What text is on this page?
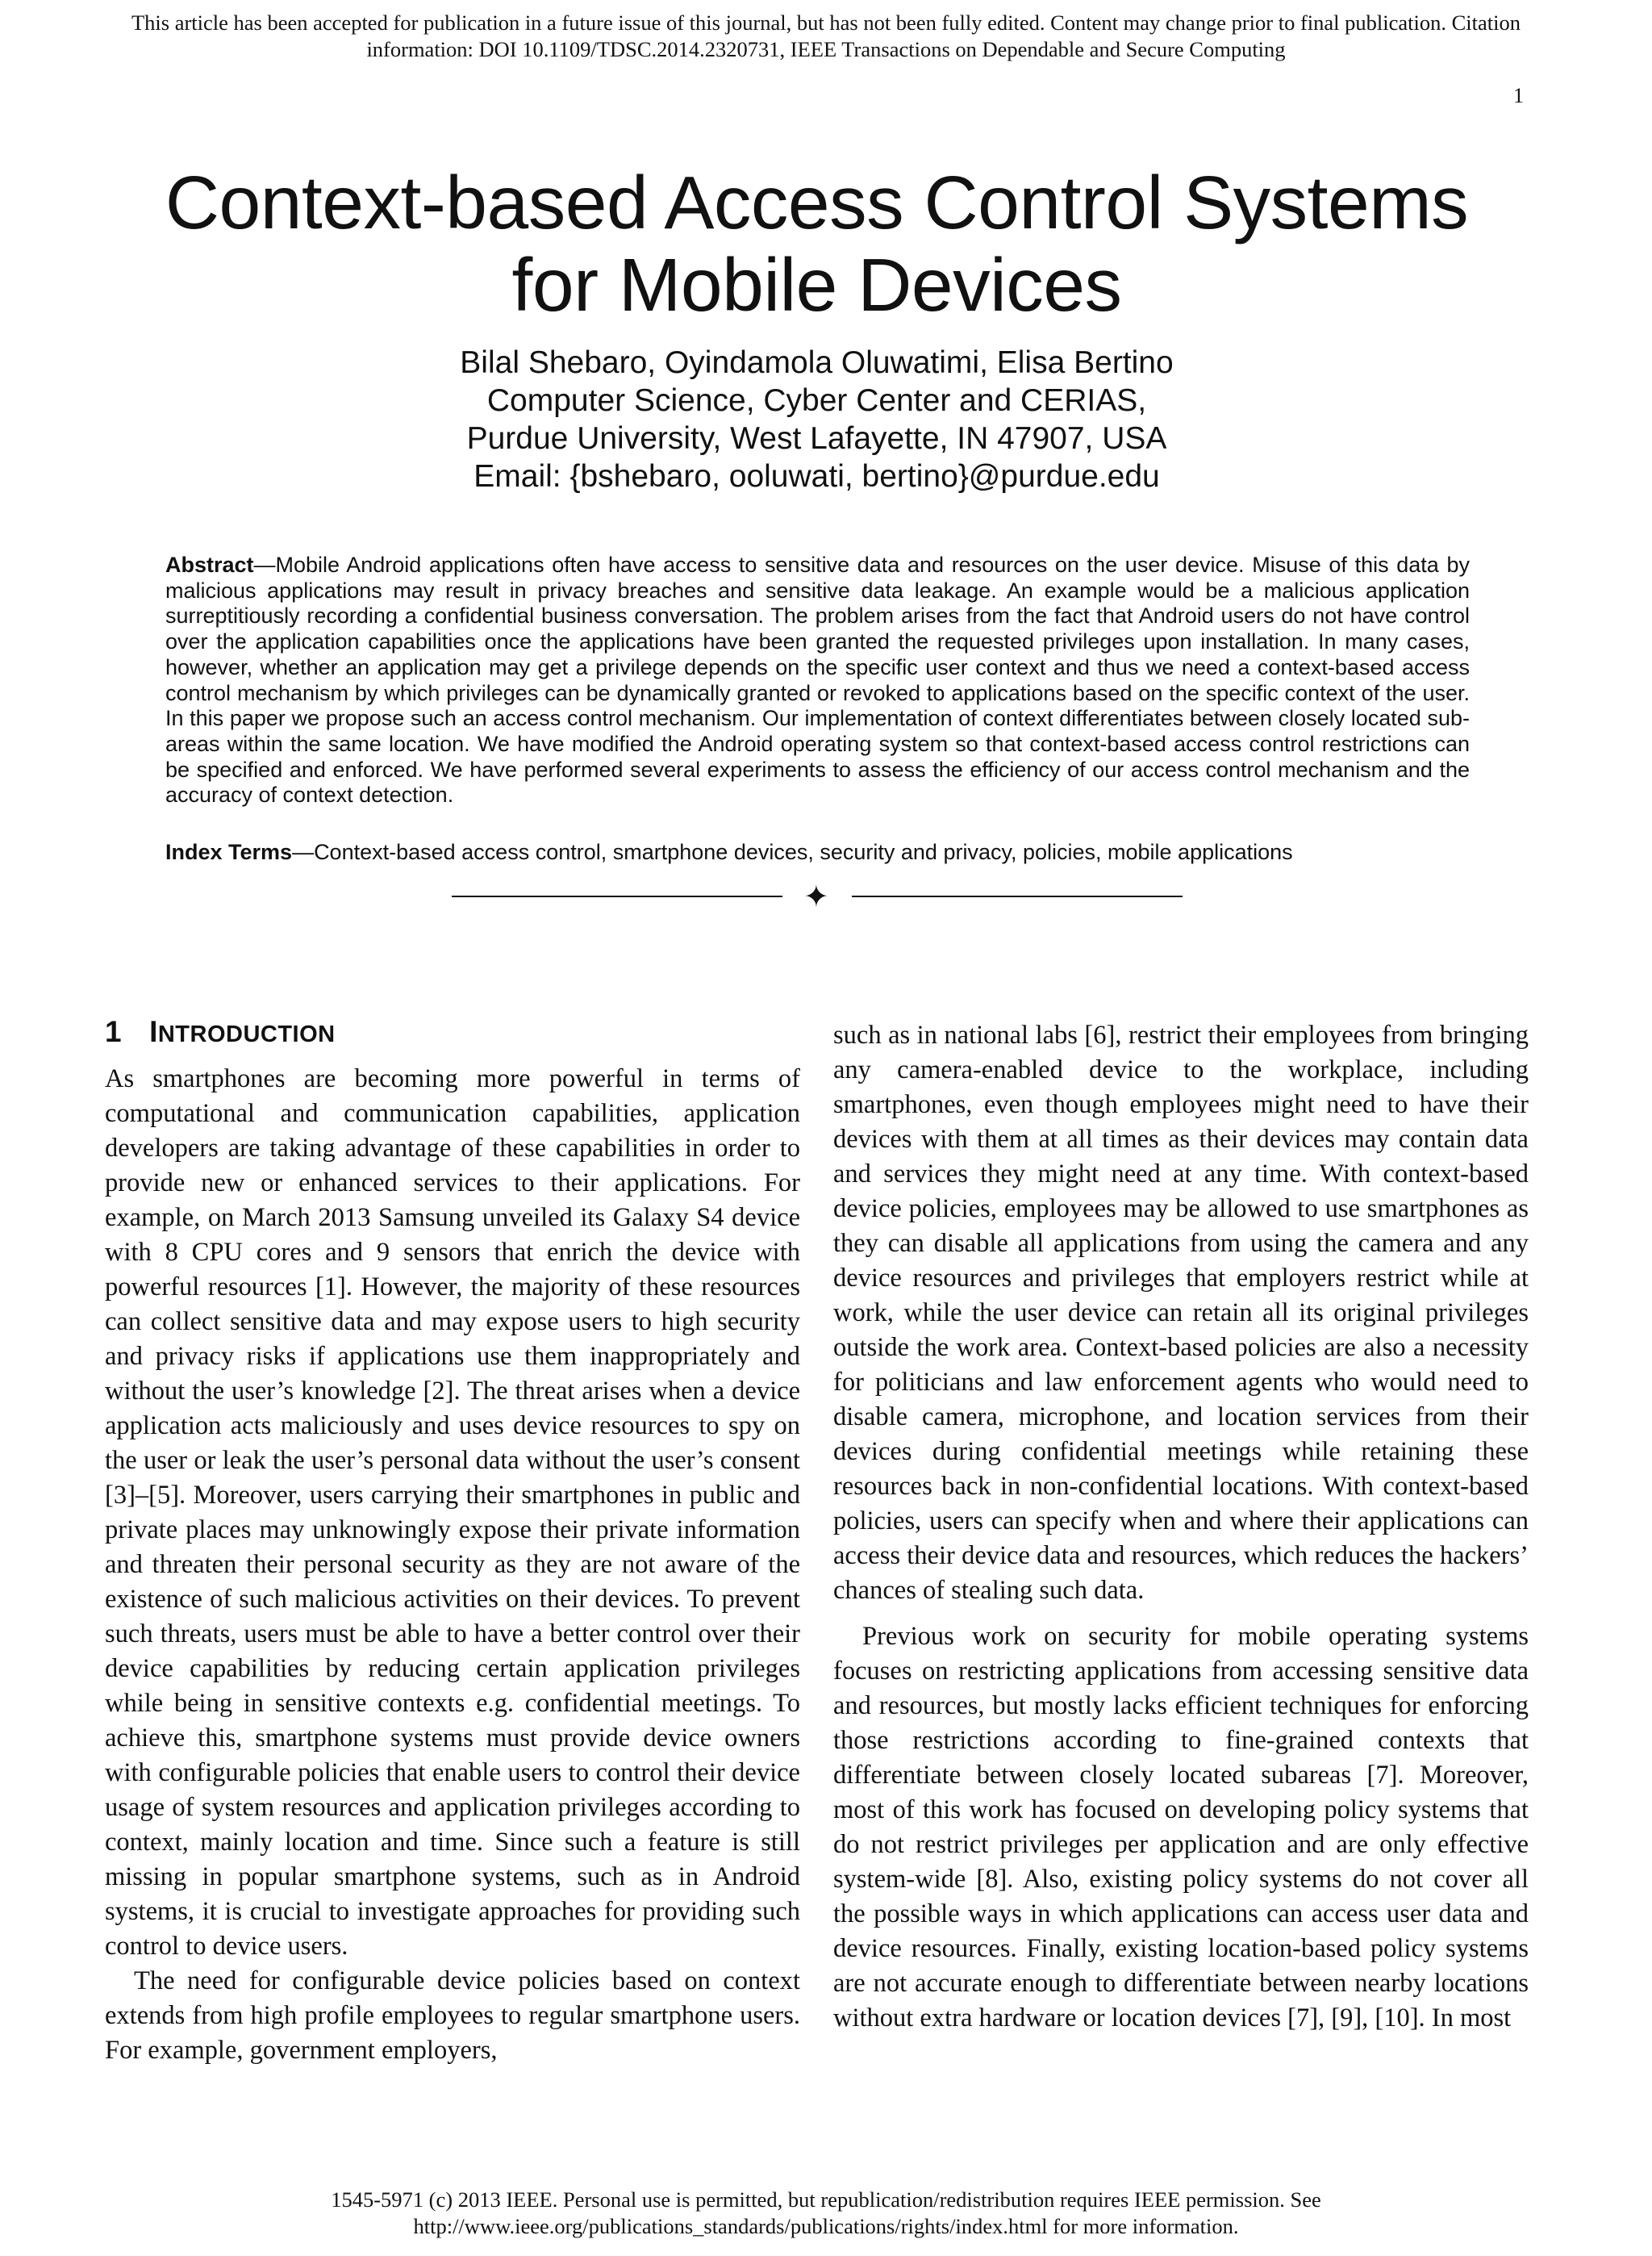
This article has been accepted for publication in a future issue of this journal, but has not been fully edited. Content may change prior to final publication. Citation
information: DOI 10.1109/TDSC.2014.2320731, IEEE Transactions on Dependable and Secure Computing
1
Context-based Access Control Systems
for Mobile Devices
Bilal Shebaro, Oyindamola Oluwatimi, Elisa Bertino
Computer Science, Cyber Center and CERIAS,
Purdue University, West Lafayette, IN 47907, USA
Email: {bshebaro, ooluwati, bertino}@purdue.edu
Abstract—Mobile Android applications often have access to sensitive data and resources on the user device. Misuse of this data by malicious applications may result in privacy breaches and sensitive data leakage. An example would be a malicious application surreptitiously recording a confidential business conversation. The problem arises from the fact that Android users do not have control over the application capabilities once the applications have been granted the requested privileges upon installation. In many cases, however, whether an application may get a privilege depends on the specific user context and thus we need a context-based access control mechanism by which privileges can be dynamically granted or revoked to applications based on the specific context of the user. In this paper we propose such an access control mechanism. Our implementation of context differentiates between closely located sub-areas within the same location. We have modified the Android operating system so that context-based access control restrictions can be specified and enforced. We have performed several experiments to assess the efficiency of our access control mechanism and the accuracy of context detection.
Index Terms—Context-based access control, smartphone devices, security and privacy, policies, mobile applications
✦
1 INTRODUCTION

As smartphones are becoming more powerful in terms of computational and communication capabilities, application developers are taking advantage of these capabilities in order to provide new or enhanced services to their applications. For example, on March 2013 Samsung unveiled its Galaxy S4 device with 8 CPU cores and 9 sensors that enrich the device with powerful resources [1]. However, the majority of these resources can collect sensitive data and may expose users to high security and privacy risks if applications use them inappropriately and without the user’s knowledge [2]. The threat arises when a device application acts maliciously and uses device resources to spy on the user or leak the user’s personal data without the user’s consent [3]–[5]. Moreover, users carrying their smartphones in public and private places may unknowingly expose their private information and threaten their personal security as they are not aware of the existence of such malicious activities on their devices. To prevent such threats, users must be able to have a better control over their device capabilities by reducing certain application privileges while being in sensitive contexts e.g. confidential meetings. To achieve this, smartphone systems must provide device owners with configurable policies that enable users to control their device usage of system resources and application privileges according to context, mainly location and time. Since such a feature is still missing in popular smartphone systems, such as in Android systems, it is crucial to investigate approaches for providing such control to device users.

The need for configurable device policies based on context extends from high profile employees to regular smartphone users. For example, government employers,

such as in national labs [6], restrict their employees from bringing any camera-enabled device to the workplace, including smartphones, even though employees might need to have their devices with them at all times as their devices may contain data and services they might need at any time. With context-based device policies, employees may be allowed to use smartphones as they can disable all applications from using the camera and any device resources and privileges that employers restrict while at work, while the user device can retain all its original privileges outside the work area. Context-based policies are also a necessity for politicians and law enforcement agents who would need to disable camera, microphone, and location services from their devices during confidential meetings while retaining these resources back in non-confidential locations. With context-based policies, users can specify when and where their applications can access their device data and resources, which reduces the hackers’ chances of stealing such data.

Previous work on security for mobile operating systems focuses on restricting applications from accessing sensitive data and resources, but mostly lacks efficient techniques for enforcing those restrictions according to fine-grained contexts that differentiate between closely located subareas [7]. Moreover, most of this work has focused on developing policy systems that do not restrict privileges per application and are only effective system-wide [8]. Also, existing policy systems do not cover all the possible ways in which applications can access user data and device resources. Finally, existing location-based policy systems are not accurate enough to differentiate between nearby locations without extra hardware or location devices [7], [9], [10]. In most

1545-5971 (c) 2013 IEEE. Personal use is permitted, but republication/redistribution requires IEEE permission. See
http://www.ieee.org/publications_standards/publications/rights/index.html for more information.
